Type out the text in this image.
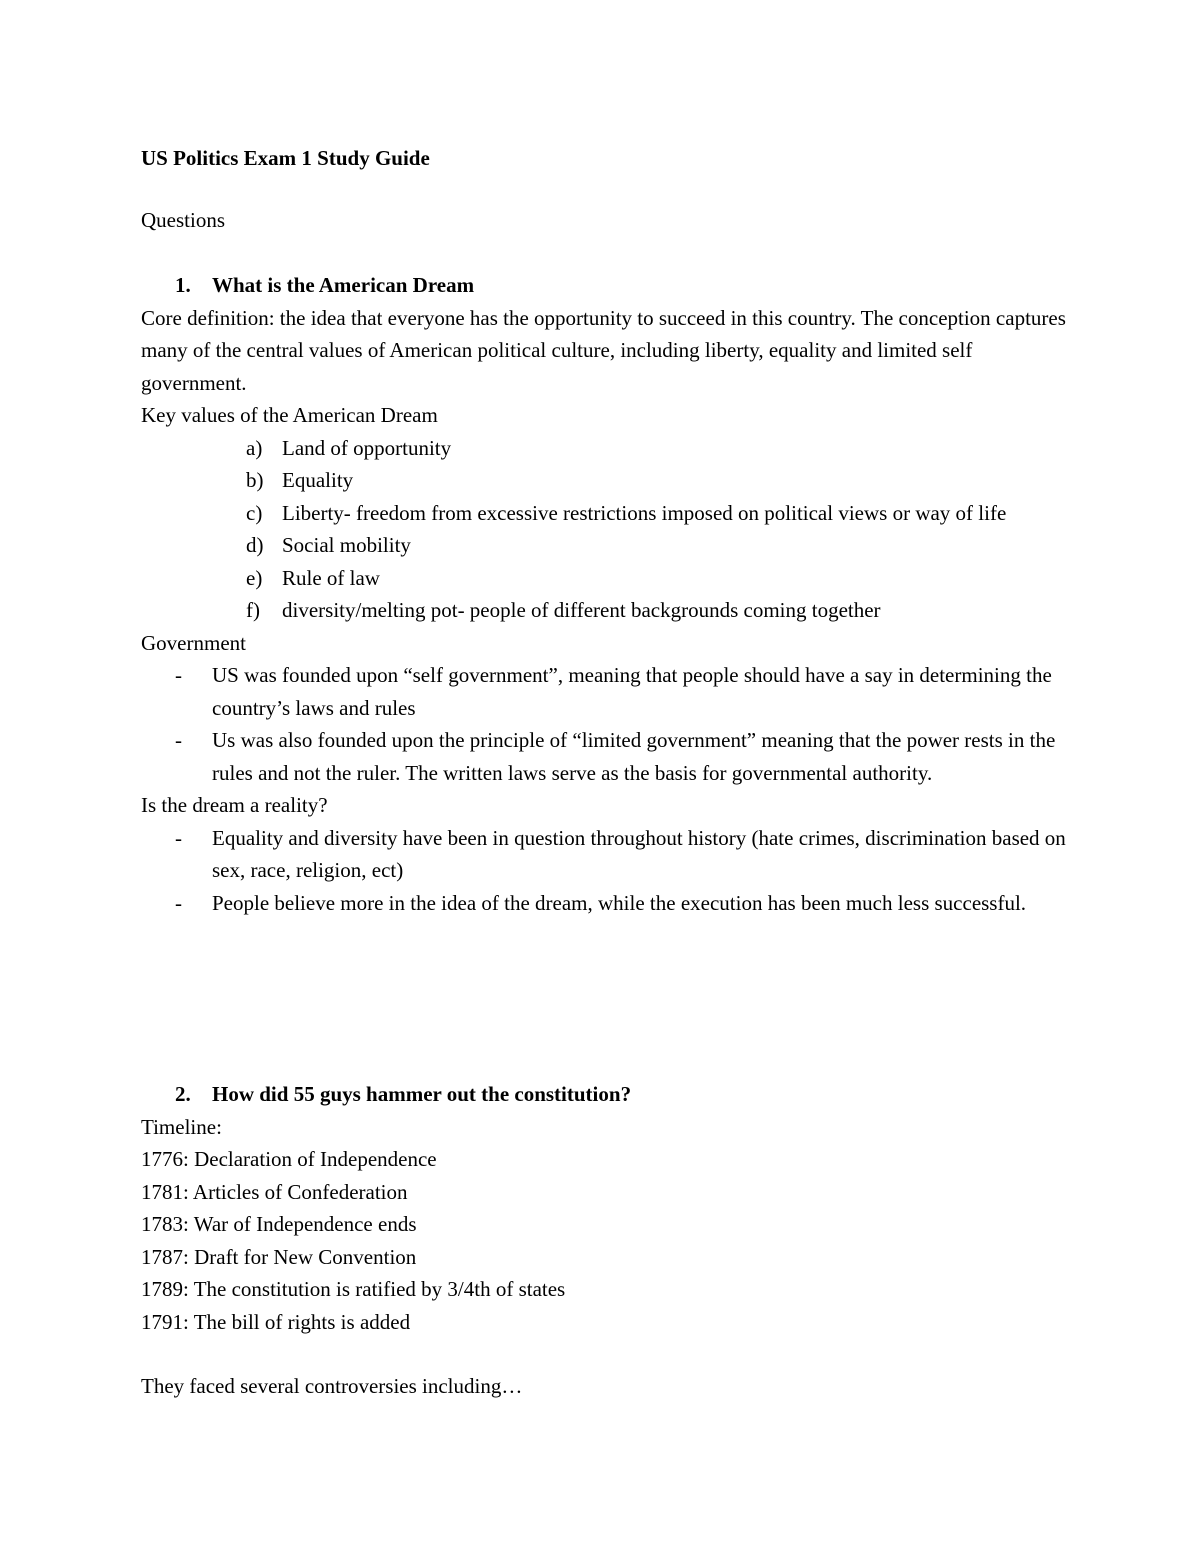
US Politics Exam 1 Study Guide

Questions

1. What is the American Dream

Core definition: the idea that everyone has the opportunity to succeed in this country. The conception captures many of the central values of American political culture, including liberty, equality and limited self government.

Key values of the American Dream

a) Land of opportunity
b) Equality
c) Liberty- freedom from excessive restrictions imposed on political views or way of life
d) Social mobility
e) Rule of law
f) diversity/melting pot- people of different backgrounds coming together

Government

- US was founded upon “self government”, meaning that people should have a say in determining the country’s laws and rules
- Us was also founded upon the principle of “limited government” meaning that the power rests in the rules and not the ruler. The written laws serve as the basis for governmental authority.

Is the dream a reality?

- Equality and diversity have been in question throughout history (hate crimes, discrimination based on sex, race, religion, ect)
- People believe more in the idea of the dream, while the execution has been much less successful.

2. How did 55 guys hammer out the constitution?

Timeline:

1776: Declaration of Independence
1781: Articles of Confederation
1783: War of Independence ends
1787: Draft for New Convention
1789: The constitution is ratified by 3/4th of states
1791: The bill of rights is added

They faced several controversies including…
